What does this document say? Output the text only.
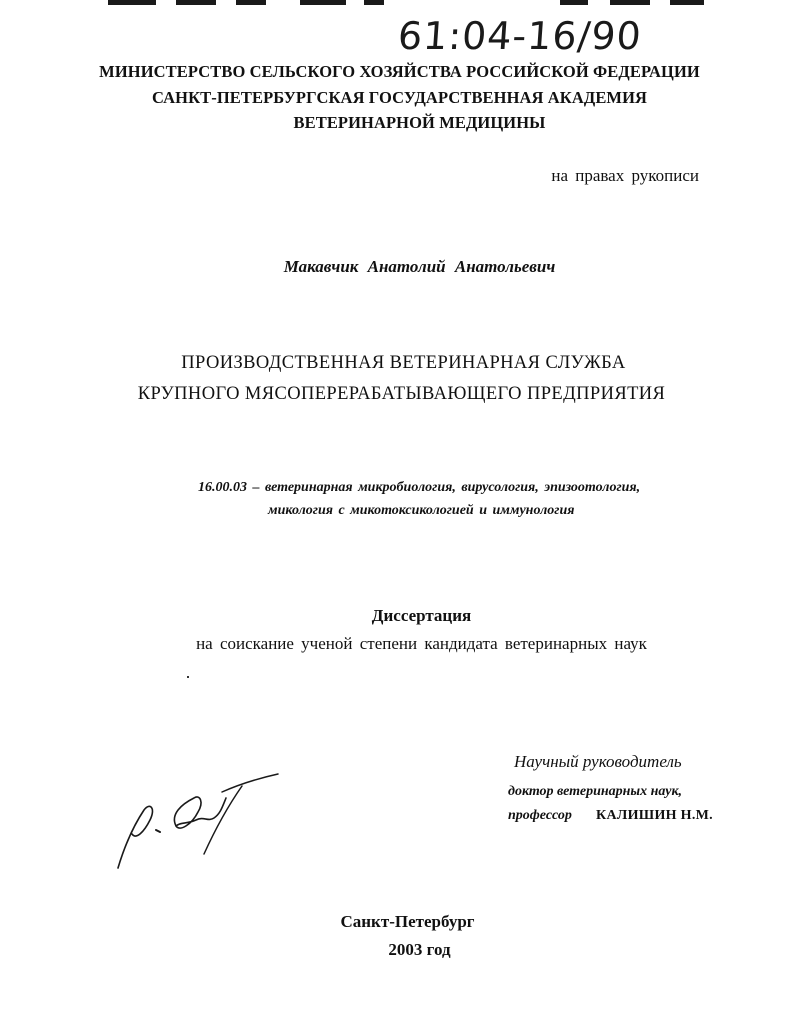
61:04-16/90
МИНИСТЕРСТВО СЕЛЬСКОГО ХОЗЯЙСТВА РОССИЙСКОЙ ФЕДЕРАЦИИ
САНКТ-ПЕТЕРБУРГСКАЯ ГОСУДАРСТВЕННАЯ АКАДЕМИЯ
ВЕТЕРИНАРНОЙ МЕДИЦИНЫ
на правах рукописи
Макавчик Анатолий Анатольевич
ПРОИЗВОДСТВЕННАЯ ВЕТЕРИНАРНАЯ СЛУЖБА
КРУПНОГО МЯСОПЕРЕРАБАТЫВАЮЩЕГО ПРЕДПРИЯТИЯ
16.00.03 – ветеринарная микробиология, вирусология, эпизоотология,
микология с микотоксикологией и иммунология
Диссертация
на соискание ученой степени кандидата ветеринарных наук
Научный руководитель
доктор ветеринарных наук,
профессор КАЛИШИН Н.М.
Санкт-Петербург
2003 год
